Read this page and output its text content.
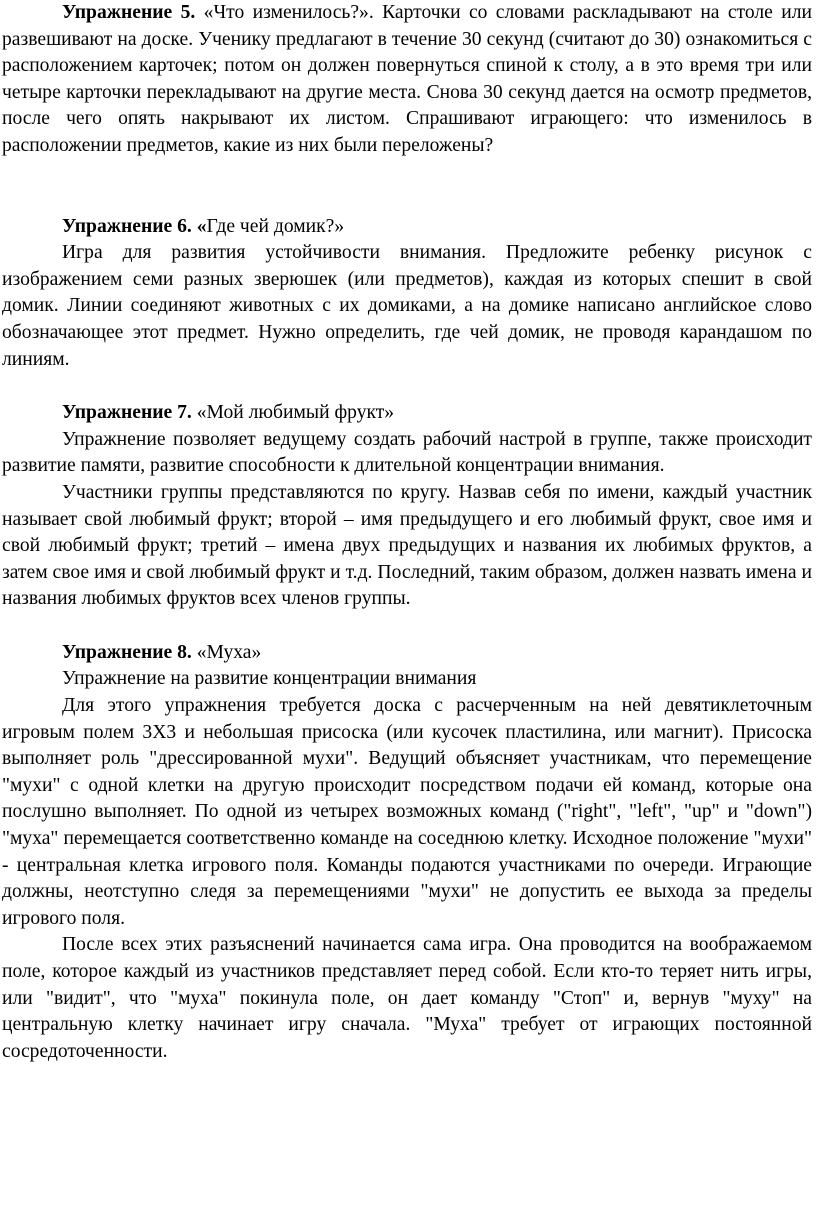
Упражнение 5. «Что изменилось?». Карточки со словами раскладывают на столе или развешивают на доске. Ученику предлагают в течение 30 секунд (считают до 30) ознакомиться с расположением карточек; потом он должен повернуться спиной к столу, а в это время три или четыре карточки перекладывают на другие места. Снова 30 секунд дается на осмотр предметов, после чего опять накрывают их листом. Спрашивают играющего: что изменилось в расположении предметов, какие из них были переложены?

Упражнение 6. «Где чей домик?»

Игра для развития устойчивости внимания. Предложите ребенку рисунок с изображением семи разных зверюшек (или предметов), каждая из которых спешит в свой домик. Линии соединяют животных с их домиками, а на домике написано английское слово обозначающее этот предмет. Нужно определить, где чей домик, не проводя карандашом по линиям.

Упражнение 7. «Мой любимый фрукт»

Упражнение позволяет ведущему создать рабочий настрой в группе, также происходит развитие памяти, развитие способности к длительной концентрации внимания.

Участники группы представляются по кругу. Назвав себя по имени, каждый участник называет свой любимый фрукт; второй – имя предыдущего и его любимый фрукт, свое имя и свой любимый фрукт; третий – имена двух предыдущих и названия их любимых фруктов, а затем свое имя и свой любимый фрукт и т.д. Последний, таким образом, должен назвать имена и названия любимых фруктов всех членов группы.

Упражнение 8. «Муха»

Упражнение на развитие концентрации внимания

Для этого упражнения требуется доска с расчерченным на ней девятиклеточным игровым полем 3Х3 и небольшая присоска (или кусочек пластилина, или магнит). Присоска выполняет роль "дрессированной мухи". Ведущий объясняет участникам, что перемещение "мухи" с одной клетки на другую происходит посредством подачи ей команд, которые она послушно выполняет. По одной из четырех возможных команд ("right", "left", "up" и "down") "муха" перемещается соответственно команде на соседнюю клетку. Исходное положение "мухи" - центральная клетка игрового поля. Команды подаются участниками по очереди. Играющие должны, неотступно следя за перемещениями "мухи" не допустить ее выхода за пределы игрового поля.

После всех этих разъяснений начинается сама игра. Она проводится на воображаемом поле, которое каждый из участников представляет перед собой. Если кто-то теряет нить игры, или "видит", что "муха" покинула поле, он дает команду "Стоп" и, вернув "муху" на центральную клетку начинает игру сначала. "Муха" требует от играющих постоянной сосредоточенности.
